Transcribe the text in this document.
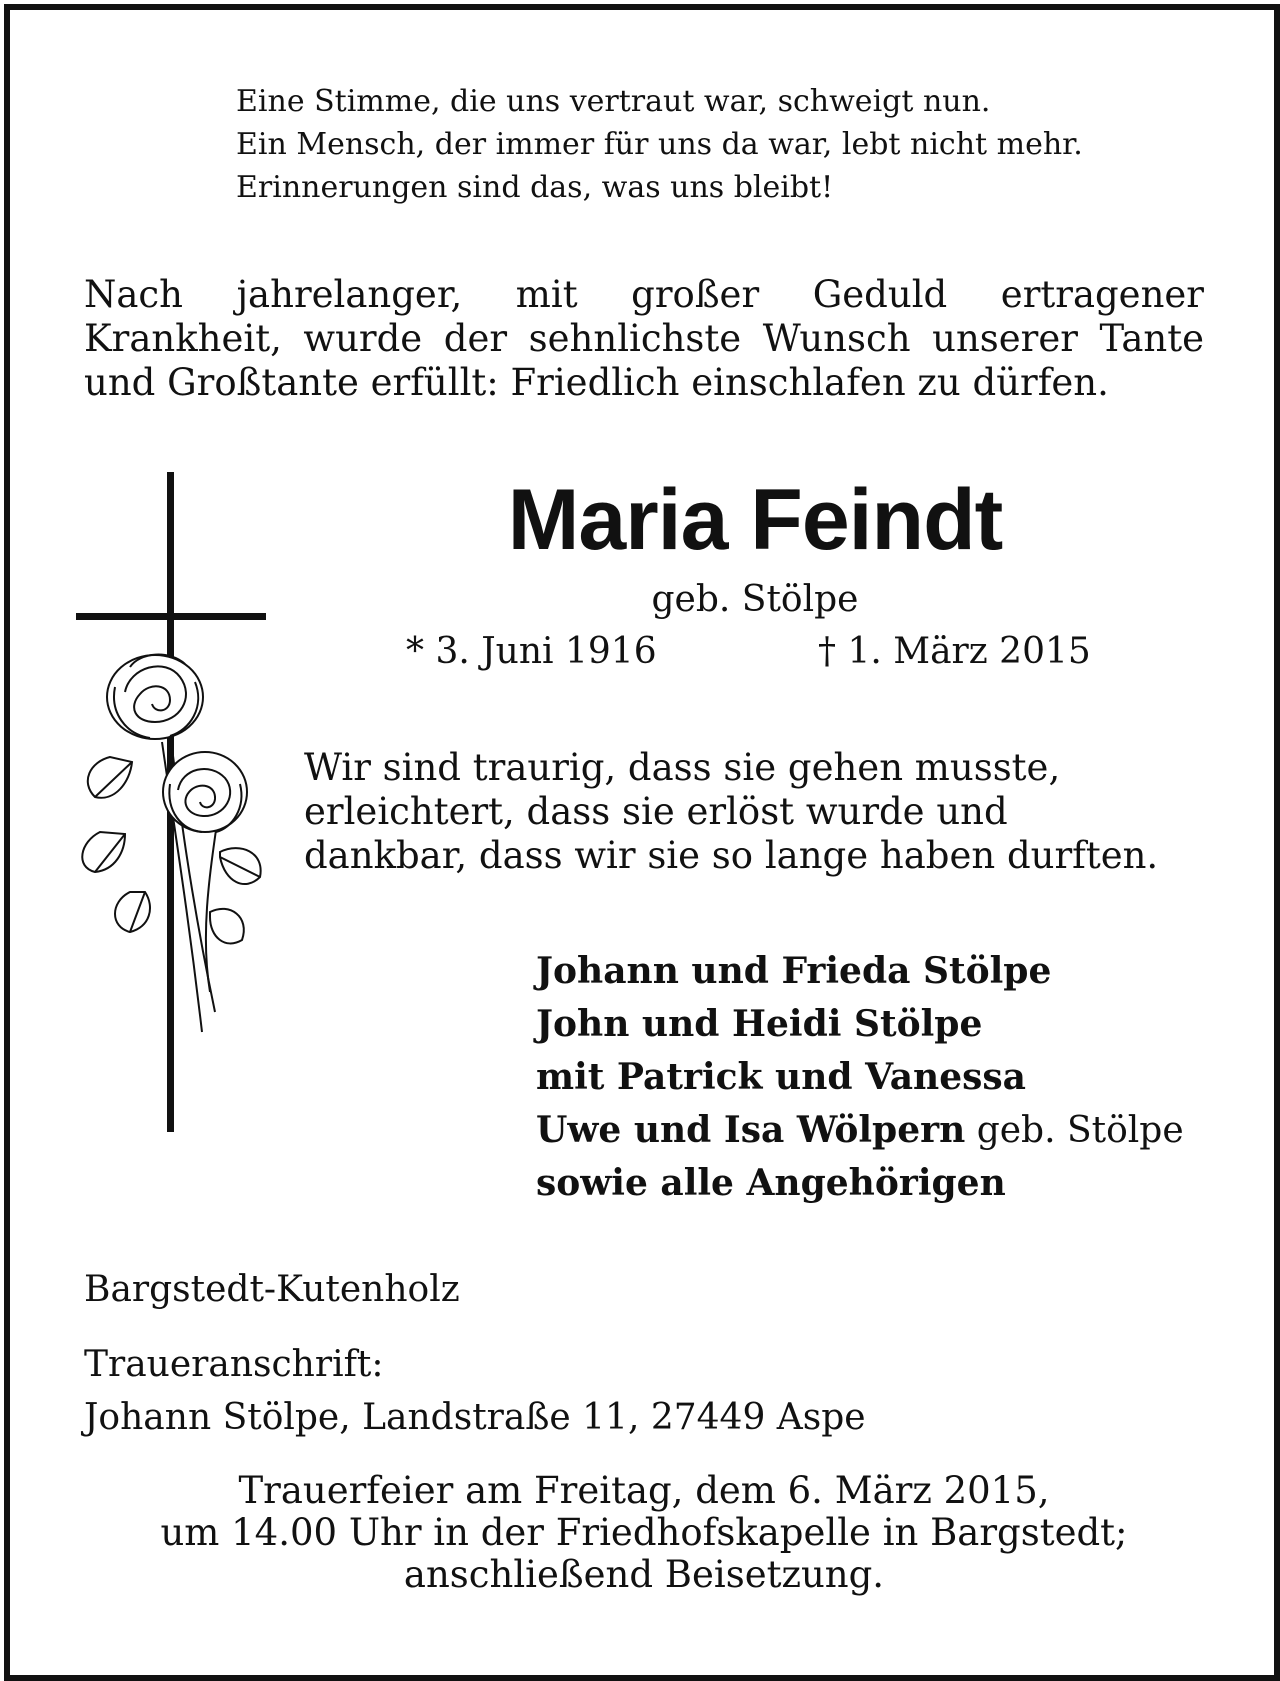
Eine Stimme, die uns vertraut war, schweigt nun.
Ein Mensch, der immer für uns da war, lebt nicht mehr.
Erinnerungen sind das, was uns bleibt!
Nach jahrelanger, mit großer Geduld ertragener Krankheit, wurde der sehnlichste Wunsch unserer Tante und Großtante erfüllt: Friedlich einschlafen zu dürfen.
Maria Feindt
geb. Stölpe
* 3. Juni 1916	† 1. März 2015
Wir sind traurig, dass sie gehen musste,
erleichtert, dass sie erlöst wurde und
dankbar, dass wir sie so lange haben durften.
Johann und Frieda Stölpe
John und Heidi Stölpe
mit Patrick und Vanessa
Uwe und Isa Wölpern geb. Stölpe
sowie alle Angehörigen
Bargstedt-Kutenholz
Traueranschrift:
Johann Stölpe, Landstraße 11, 27449 Aspe
Trauerfeier am Freitag, dem 6. März 2015,
um 14.00 Uhr in der Friedhofskapelle in Bargstedt;
anschließend Beisetzung.
